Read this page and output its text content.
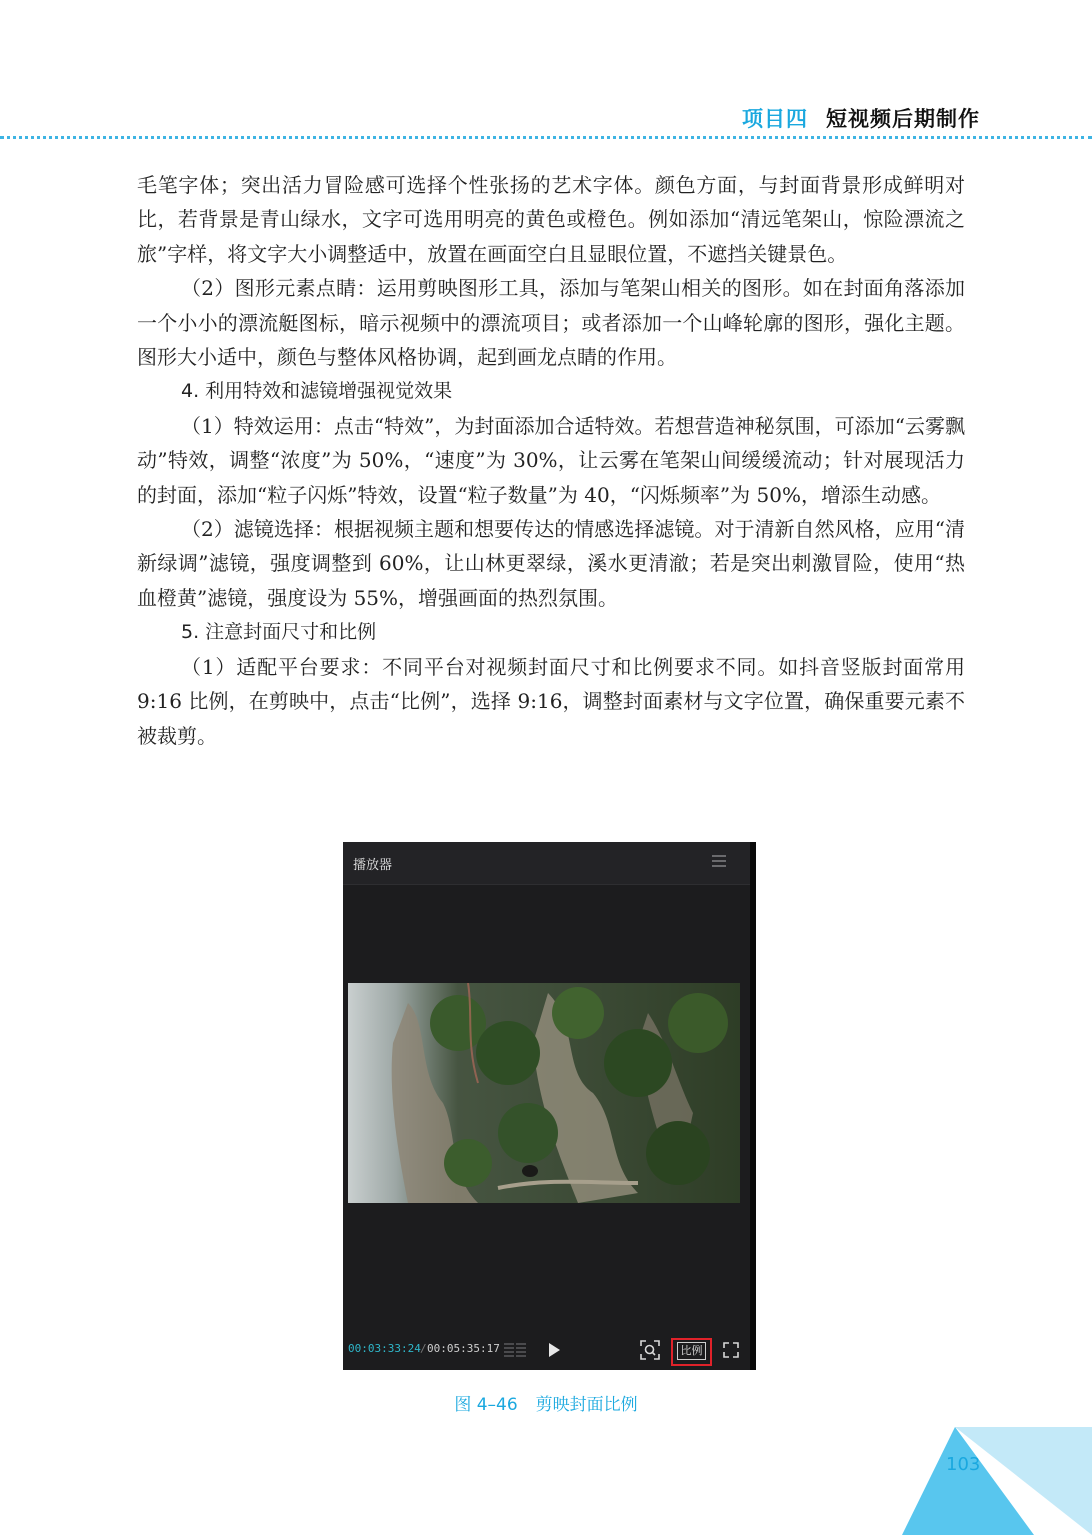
项目四 短视频后期制作

毛笔字体；突出活力冒险感可选择个性张扬的艺术字体。颜色方面，与封面背景形成鲜明对比，若背景是青山绿水，文字可选用明亮的黄色或橙色。例如添加“清远笔架山，惊险漂流之旅”字样，将文字大小调整适中，放置在画面空白且显眼位置，不遮挡关键景色。

（2）图形元素点睛：运用剪映图形工具，添加与笔架山相关的图形。如在封面角落添加一个小小的漂流艇图标，暗示视频中的漂流项目；或者添加一个山峰轮廓的图形，强化主题。图形大小适中，颜色与整体风格协调，起到画龙点睛的作用。

4. 利用特效和滤镜增强视觉效果

（1）特效运用：点击“特效”，为封面添加合适特效。若想营造神秘氛围，可添加“云雾飘动”特效，调整“浓度”为 50%，“速度”为 30%，让云雾在笔架山间缓缓流动；针对展现活力的封面，添加“粒子闪烁”特效，设置“粒子数量”为 40，“闪烁频率”为 50%，增添生动感。

（2）滤镜选择：根据视频主题和想要传达的情感选择滤镜。对于清新自然风格，应用“清新绿调”滤镜，强度调整到 60%，让山林更翠绿，溪水更清澈；若是突出刺激冒险，使用“热血橙黄”滤镜，强度设为 55%，增强画面的热烈氛围。

5. 注意封面尺寸和比例

（1）适配平台要求：不同平台对视频封面尺寸和比例要求不同。如抖音竖版封面常用 9:16 比例，在剪映中，点击“比例”，选择 9:16，调整封面素材与文字位置，确保重要元素不被裁剪。

播放器
00:03:33:24 / 00:05:35:17	比例
图 4–46 剪映封面比例
103
